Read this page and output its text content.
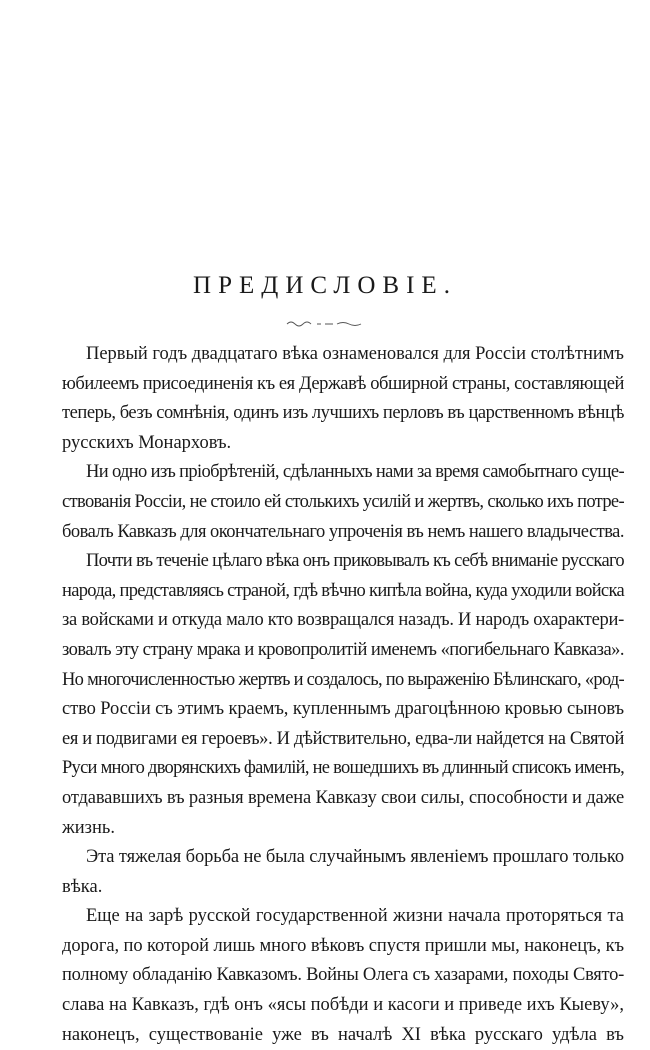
ПРЕДИСЛОВІЕ.
Первый годъ двадцатаго вѣка ознаменовался для Россіи столѣтнимъ
юбилеемъ присоединенія къ ея Державѣ обширной страны, составляющей
теперь, безъ сомнѣнія, одинъ изъ лучшихъ перловъ въ царственномъ вѣнцѣ
русскихъ Монарховъ.
Ни одно изъ пріобрѣтеній, сдѣланныхъ нами за время самобытнаго суще-
ствованія Россіи, не стоило ей столькихъ усилій и жертвъ, сколько ихъ потре-
бовалъ Кавказъ для окончательнаго упроченія въ немъ нашего владычества.
Почти въ теченіе цѣлаго вѣка онъ приковывалъ къ себѣ вниманіе русскаго
народа, представляясь страной, гдѣ вѣчно кипѣла война, куда уходили войска
за войсками и откуда мало кто возвращался назадъ. И народъ охарактери-
зовалъ эту страну мрака и кровопролитій именемъ «погибельнаго Кавказа».
Но многочисленностью жертвъ и создалось, по выраженію Бѣлинскаго, «род-
ство Россіи съ этимъ краемъ, купленнымъ драгоцѣнною кровью сыновъ
ея и подвигами ея героевъ». И дѣйствительно, едва-ли найдется на Святой
Руси много дворянскихъ фамилій, не вошедшихъ въ длинный списокъ именъ,
отдававшихъ въ разныя времена Кавказу свои силы, способности и даже
жизнь.
Эта тяжелая борьба не была случайнымъ явленіемъ прошлаго только
вѣка.
Еще на зарѣ русской государственной жизни начала проторяться та
дорога, по которой лишь много вѣковъ спустя пришли мы, наконецъ, къ
полному обладанію Кавказомъ. Войны Олега съ хазарами, походы Свято-
слава на Кавказъ, гдѣ онъ «ясы побѣди и касоги и приведе ихъ Кыеву»,
наконецъ, существованіе уже въ началѣ XI вѣка русскаго удѣла въ
